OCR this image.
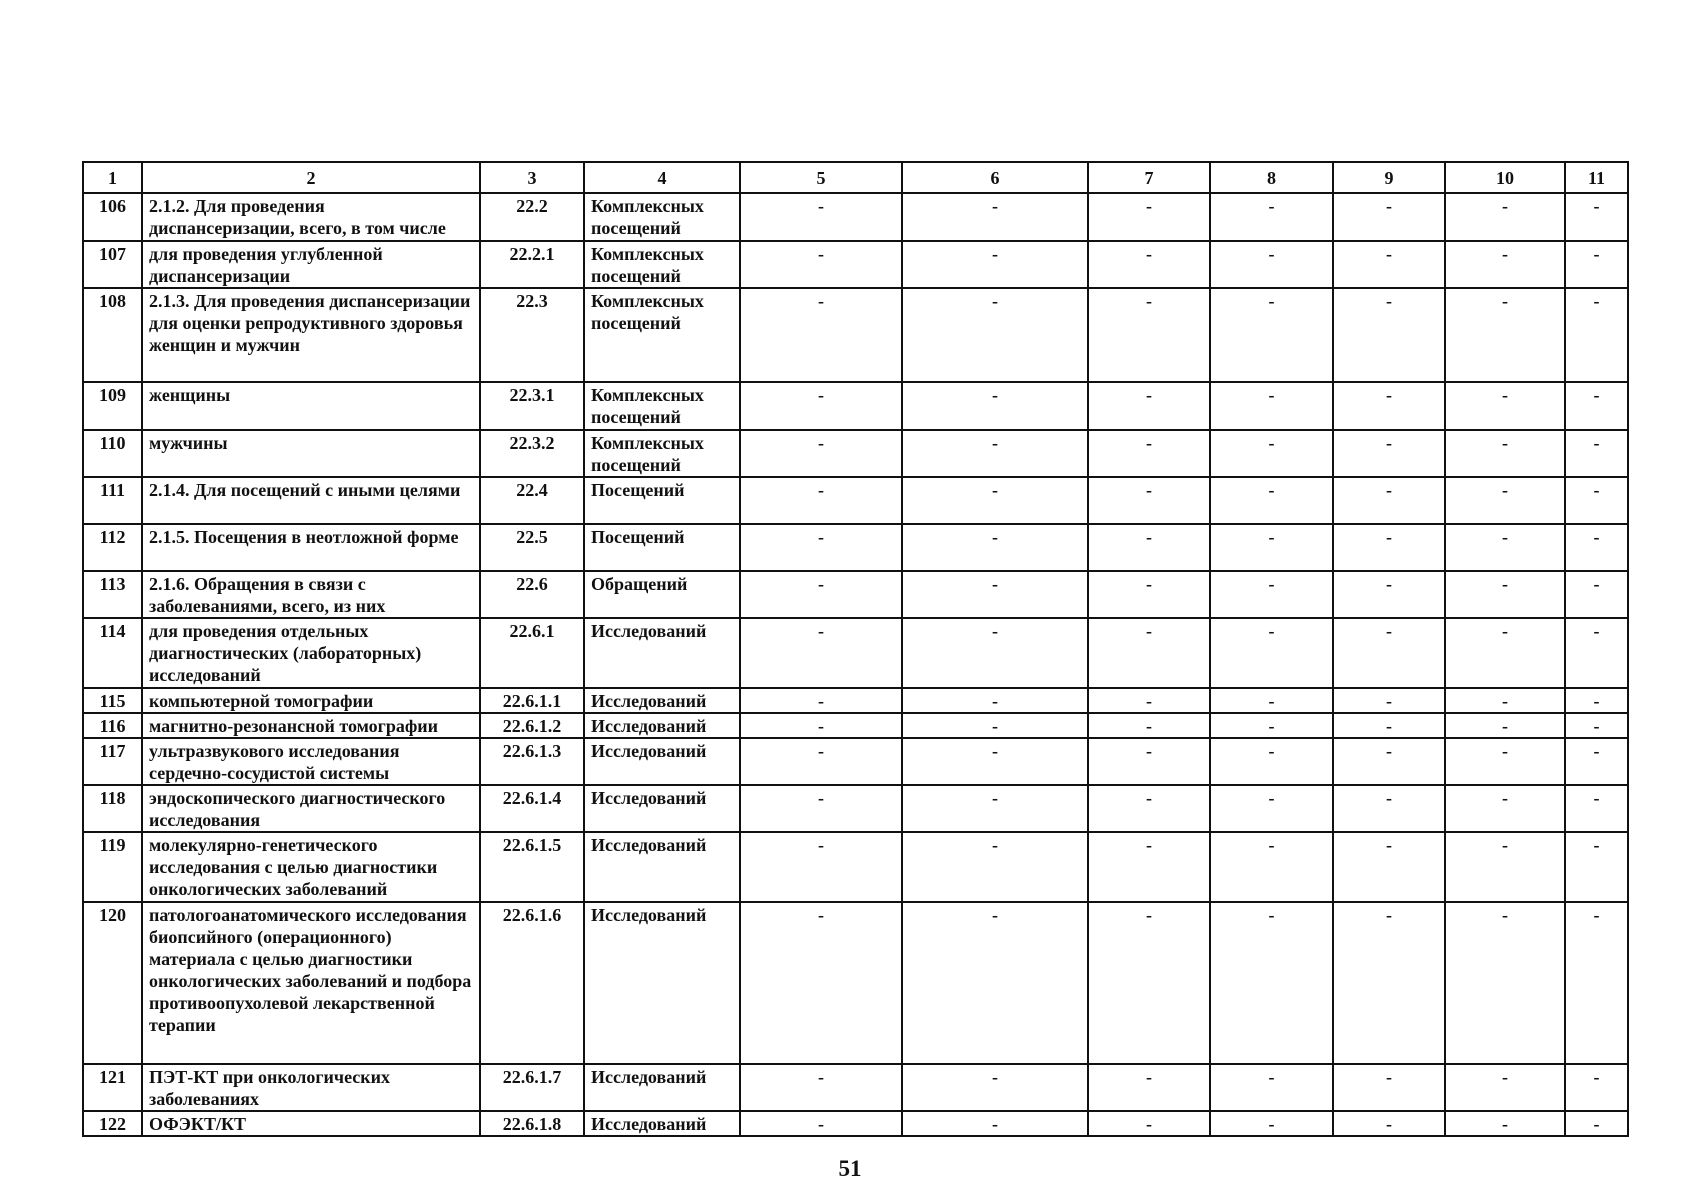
1	2	3	4	5	6	7	8	9	10	11
106	2.1.2. Для проведения диспансеризации, всего, в том числе	22.2	Комплексных посещений	-	-	-	-	-	-	-
107	для проведения углубленной диспансеризации	22.2.1	Комплексных посещений	-	-	-	-	-	-	-
108	2.1.3. Для проведения диспансеризации для оценки репродуктивного здоровья женщин и мужчин	22.3	Комплексных посещений	-	-	-	-	-	-	-
109	женщины	22.3.1	Комплексных посещений	-	-	-	-	-	-	-
110	мужчины	22.3.2	Комплексных посещений	-	-	-	-	-	-	-
111	2.1.4. Для посещений с иными целями	22.4	Посещений	-	-	-	-	-	-	-
112	2.1.5. Посещения в неотложной форме	22.5	Посещений	-	-	-	-	-	-	-
113	2.1.6. Обращения в связи с заболеваниями, всего, из них	22.6	Обращений	-	-	-	-	-	-	-
114	для проведения отдельных диагностических (лабораторных) исследований	22.6.1	Исследований	-	-	-	-	-	-	-
115	компьютерной томографии	22.6.1.1	Исследований	-	-	-	-	-	-	-
116	магнитно-резонансной томографии	22.6.1.2	Исследований	-	-	-	-	-	-	-
117	ультразвукового исследования сердечно-сосудистой системы	22.6.1.3	Исследований	-	-	-	-	-	-	-
118	эндоскопического диагностического исследования	22.6.1.4	Исследований	-	-	-	-	-	-	-
119	молекулярно-генетического исследования с целью диагностики онкологических заболеваний	22.6.1.5	Исследований	-	-	-	-	-	-	-
120	патологоанатомического исследования биопсийного (операционного) материала с целью диагностики онкологических заболеваний и подбора противоопухолевой лекарственной терапии	22.6.1.6	Исследований	-	-	-	-	-	-	-
121	ПЭТ-КТ при онкологических заболеваниях	22.6.1.7	Исследований	-	-	-	-	-	-	-
122	ОФЭКТ/КТ	22.6.1.8	Исследований	-	-	-	-	-	-	-
51
